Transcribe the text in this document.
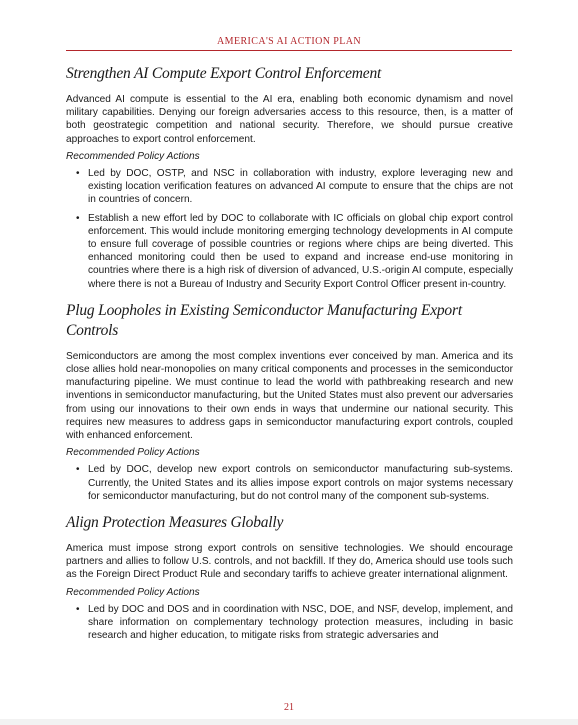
AMERICA'S AI ACTION PLAN
Strengthen AI Compute Export Control Enforcement

Advanced AI compute is essential to the AI era, enabling both economic dynamism and novel military capabilities. Denying our foreign adversaries access to this resource, then, is a matter of both geostrategic competition and national security. Therefore, we should pursue creative approaches to export control enforcement.

Recommended Policy Actions

• Led by DOC, OSTP, and NSC in collaboration with industry, explore leveraging new and existing location verification features on advanced AI compute to ensure that the chips are not in countries of concern.
• Establish a new effort led by DOC to collaborate with IC officials on global chip export control enforcement. This would include monitoring emerging technology developments in AI compute to ensure full coverage of possible countries or regions where chips are being diverted. This enhanced monitoring could then be used to expand and increase end-use monitoring in countries where there is a high risk of diversion of advanced, U.S.-origin AI compute, especially where there is not a Bureau of Industry and Security Export Control Officer present in-country.
Plug Loopholes in Existing Semiconductor Manufacturing Export Controls

Semiconductors are among the most complex inventions ever conceived by man. America and its close allies hold near-monopolies on many critical components and processes in the semiconductor manufacturing pipeline. We must continue to lead the world with pathbreaking research and new inventions in semiconductor manufacturing, but the United States must also prevent our adversaries from using our innovations to their own ends in ways that undermine our national security. This requires new measures to address gaps in semiconductor manufacturing export controls, coupled with enhanced enforcement.

Recommended Policy Actions

• Led by DOC, develop new export controls on semiconductor manufacturing sub-systems. Currently, the United States and its allies impose export controls on major systems necessary for semiconductor manufacturing, but do not control many of the component sub-systems.
Align Protection Measures Globally

America must impose strong export controls on sensitive technologies. We should encourage partners and allies to follow U.S. controls, and not backfill. If they do, America should use tools such as the Foreign Direct Product Rule and secondary tariffs to achieve greater international alignment.

Recommended Policy Actions

• Led by DOC and DOS and in coordination with NSC, DOE, and NSF, develop, implement, and share information on complementary technology protection measures, including in basic research and higher education, to mitigate risks from strategic adversaries and
21
